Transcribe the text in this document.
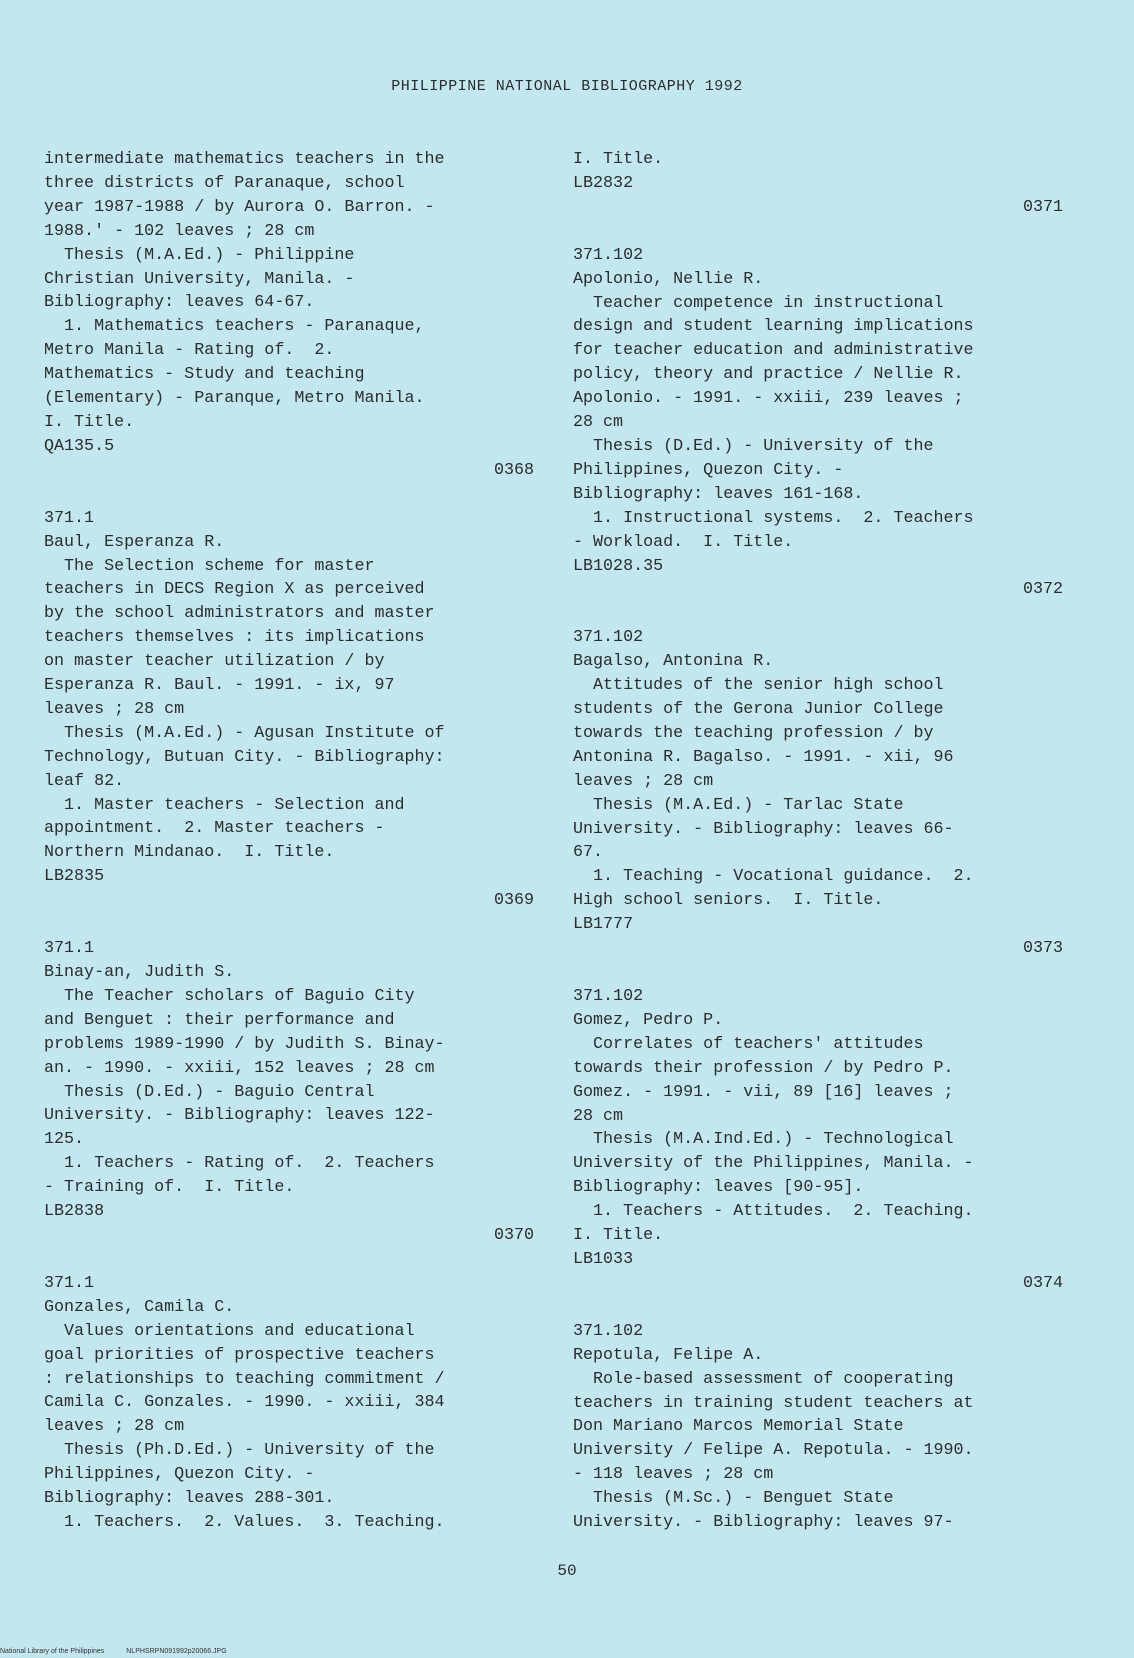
PHILIPPINE NATIONAL BIBLIOGRAPHY 1992

intermediate mathematics teachers in the

three districts of Paranaque, school

year 1987-1988 / by Aurora O. Barron. -

1988.' - 102 leaves ; 28 cm

Thesis (M.A.Ed.) - Philippine

Christian University, Manila. -

Bibliography: leaves 64-67.

1. Mathematics teachers - Paranaque,

Metro Manila - Rating of.  2.

Mathematics - Study and teaching

(Elementary) - Paranque, Metro Manila.

I. Title.

QA135.5

0368

371.1

Baul, Esperanza R.

The Selection scheme for master

teachers in DECS Region X as perceived

by the school administrators and master

teachers themselves : its implications

on master teacher utilization / by

Esperanza R. Baul. - 1991. - ix, 97

leaves ; 28 cm

Thesis (M.A.Ed.) - Agusan Institute of

Technology, Butuan City. - Bibliography:

leaf 82.

1. Master teachers - Selection and

appointment.  2. Master teachers -

Northern Mindanao.  I. Title.

LB2835

0369

371.1

Binay-an, Judith S.

The Teacher scholars of Baguio City

and Benguet : their performance and

problems 1989-1990 / by Judith S. Binay-

an. - 1990. - xxiii, 152 leaves ; 28 cm

Thesis (D.Ed.) - Baguio Central

University. - Bibliography: leaves 122-

125.

1. Teachers - Rating of.  2. Teachers

- Training of.  I. Title.

LB2838

0370

371.1

Gonzales, Camila C.

Values orientations and educational

goal priorities of prospective teachers

: relationships to teaching commitment /

Camila C. Gonzales. - 1990. - xxiii, 384

leaves ; 28 cm

Thesis (Ph.D.Ed.) - University of the

Philippines, Quezon City. -

Bibliography: leaves 288-301.

1. Teachers.  2. Values.  3. Teaching.

I. Title.

LB2832

0371

371.102

Apolonio, Nellie R.

Teacher competence in instructional

design and student learning implications

for teacher education and administrative

policy, theory and practice / Nellie R.

Apolonio. - 1991. - xxiii, 239 leaves ;

28 cm

Thesis (D.Ed.) - University of the

Philippines, Quezon City. -

Bibliography: leaves 161-168.

1. Instructional systems.  2. Teachers

- Workload.  I. Title.

LB1028.35

0372

371.102

Bagalso, Antonina R.

Attitudes of the senior high school

students of the Gerona Junior College

towards the teaching profession / by

Antonina R. Bagalso. - 1991. - xii, 96

leaves ; 28 cm

Thesis (M.A.Ed.) - Tarlac State

University. - Bibliography: leaves 66-

67.

1. Teaching - Vocational guidance.  2.

High school seniors.  I. Title.

LB1777

0373

371.102

Gomez, Pedro P.

Correlates of teachers' attitudes

towards their profession / by Pedro P.

Gomez. - 1991. - vii, 89 [16] leaves ;

28 cm

Thesis (M.A.Ind.Ed.) - Technological

University of the Philippines, Manila. -

Bibliography: leaves [90-95].

1. Teachers - Attitudes.  2. Teaching.

I. Title.

LB1033

0374

371.102

Repotula, Felipe A.

Role-based assessment of cooperating

teachers in training student teachers at

Don Mariano Marcos Memorial State

University / Felipe A. Repotula. - 1990.

- 118 leaves ; 28 cm

Thesis (M.Sc.) - Benguet State

University. - Bibliography: leaves 97-

50
National Library of the Philippines	NLPHSRPN091992p20066.JPG
